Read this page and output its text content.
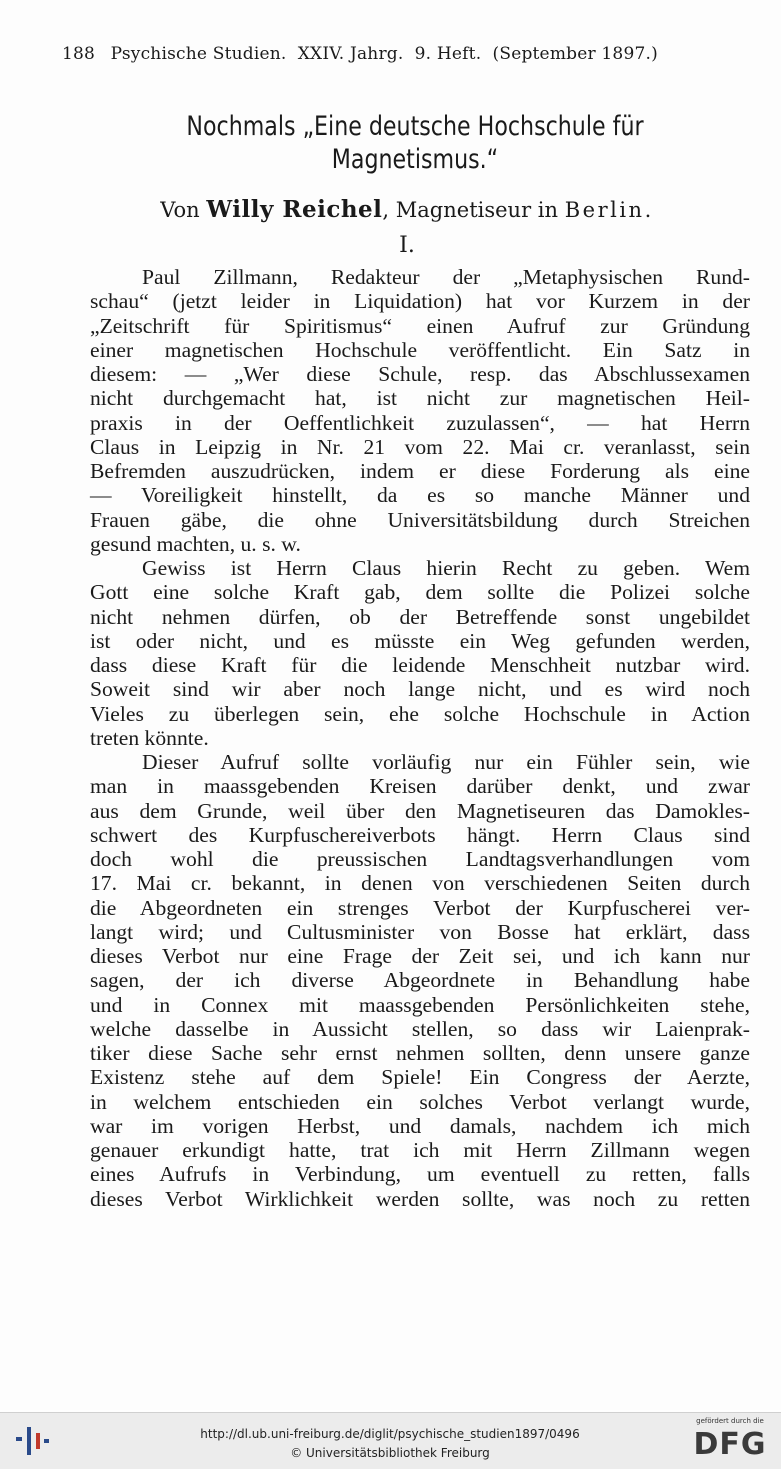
188 Psychische Studien.  XXIV. Jahrg.  9. Heft.  (September 1897.)
Nochmals „Eine deutsche Hochschule für
Magnetismus.“
Von Willy Reichel, Magnetiseur in Berlin.
I.
Paul Zillmann, Redakteur der „Metaphysischen Rund-
schau“ (jetzt leider in Liquidation) hat vor Kurzem in der
„Zeitschrift für Spiritismus“ einen Aufruf zur Gründung
einer magnetischen Hochschule veröffentlicht. Ein Satz in
diesem: — „Wer diese Schule, resp. das Abschlussexamen
nicht durchgemacht hat, ist nicht zur magnetischen Heil-
praxis in der Oeffentlichkeit zuzulassen“, — hat Herrn
Claus in Leipzig in Nr. 21 vom 22. Mai cr. veranlasst, sein
Befremden auszudrücken, indem er diese Forderung als eine
— Voreiligkeit hinstellt, da es so manche Männer und
Frauen gäbe, die ohne Universitätsbildung durch Streichen
gesund machten, u. s. w.
Gewiss ist Herrn Claus hierin Recht zu geben. Wem
Gott eine solche Kraft gab, dem sollte die Polizei solche
nicht nehmen dürfen, ob der Betreffende sonst ungebildet
ist oder nicht, und es müsste ein Weg gefunden werden,
dass diese Kraft für die leidende Menschheit nutzbar wird.
Soweit sind wir aber noch lange nicht, und es wird noch
Vieles zu überlegen sein, ehe solche Hochschule in Action
treten könnte.
Dieser Aufruf sollte vorläufig nur ein Fühler sein, wie
man in maassgebenden Kreisen darüber denkt, und zwar
aus dem Grunde, weil über den Magnetiseuren das Damokles-
schwert des Kurpfuschereiverbots hängt. Herrn Claus sind
doch wohl die preussischen Landtagsverhandlungen vom
17. Mai cr. bekannt, in denen von verschiedenen Seiten durch
die Abgeordneten ein strenges Verbot der Kurpfuscherei ver-
langt wird; und Cultusminister von Bosse hat erklärt, dass
dieses Verbot nur eine Frage der Zeit sei, und ich kann nur
sagen, der ich diverse Abgeordnete in Behandlung habe
und in Connex mit maassgebenden Persönlichkeiten stehe,
welche dasselbe in Aussicht stellen, so dass wir Laienprak-
tiker diese Sache sehr ernst nehmen sollten, denn unsere ganze
Existenz stehe auf dem Spiele! Ein Congress der Aerzte,
in welchem entschieden ein solches Verbot verlangt wurde,
war im vorigen Herbst, und damals, nachdem ich mich
genauer erkundigt hatte, trat ich mit Herrn Zillmann wegen
eines Aufrufs in Verbindung, um eventuell zu retten, falls
dieses Verbot Wirklichkeit werden sollte, was noch zu retten
http://dl.ub.uni-freiburg.de/diglit/psychische_studien1897/0496
© Universitätsbibliothek Freiburg
gefördert durch die
DFG
